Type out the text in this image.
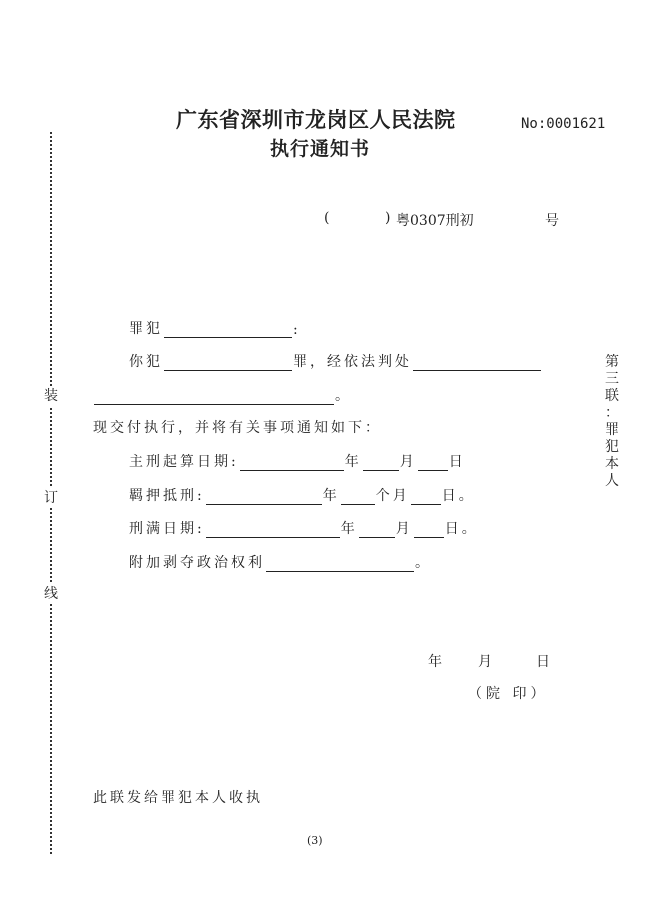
装
订
线
广东省深圳市龙岗区人民法院
执行通知书
No:0001621
(	) 粤0307刑初	号
第
三
联
：
罪
犯
本
人
罪犯	:
你犯	罪，经依法判处
。
现交付执行，并将有关事项通知如下：
主刑起算日期:	年	月 日
羁押抵刑:	年	个月 日 。
刑满日期:	年	月 日 。
附加剥夺政治权利	。
年	月	日
（院 印）
此联发给罪犯本人收执
(3)
